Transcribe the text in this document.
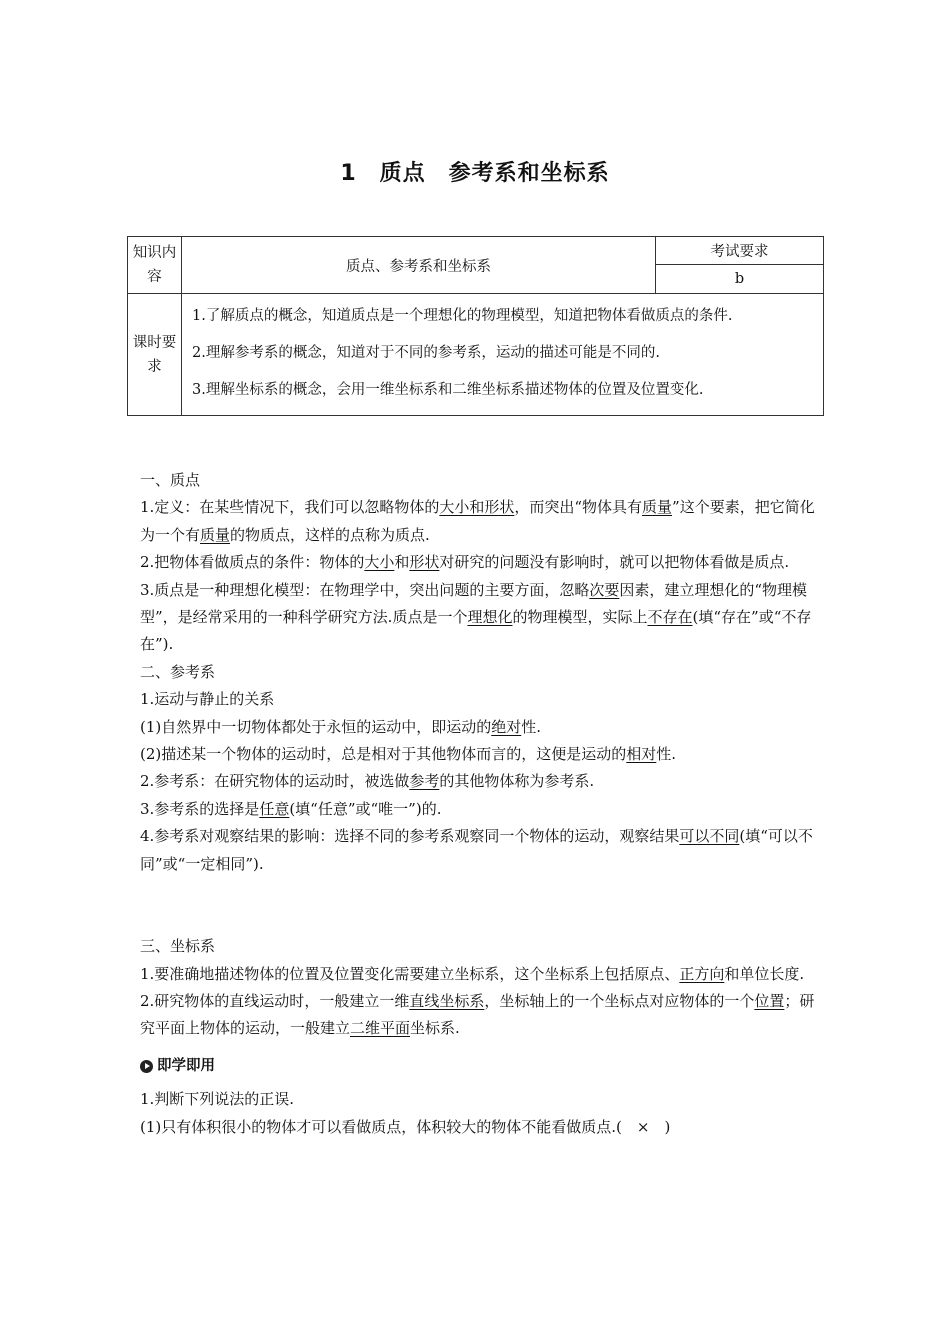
1　质点　参考系和坐标系
知识内容	质点、参考系和坐标系	考试要求
		b
课时要求	1.了解质点的概念，知道质点是一个理想化的物理模型，知道把物体看做质点的条件.
2.理解参考系的概念，知道对于不同的参考系，运动的描述可能是不同的.
3.理解坐标系的概念，会用一维坐标系和二维坐标系描述物体的位置及位置变化.	

一、质点

1.定义：在某些情况下，我们可以忽略物体的大小和形状，而突出“物体具有质量”这个要素，把它简化为一个有质量的物质点，这样的点称为质点.

2.把物体看做质点的条件：物体的大小和形状对研究的问题没有影响时，就可以把物体看做是质点.

3.质点是一种理想化模型：在物理学中，突出问题的主要方面，忽略次要因素，建立理想化的“物理模型”，是经常采用的一种科学研究方法.质点是一个理想化的物理模型，实际上不存在(填“存在”或“不存在”).

二、参考系

1.运动与静止的关系

(1)自然界中一切物体都处于永恒的运动中，即运动的绝对性.

(2)描述某一个物体的运动时，总是相对于其他物体而言的，这便是运动的相对性.

2.参考系：在研究物体的运动时，被选做参考的其他物体称为参考系.

3.参考系的选择是任意(填“任意”或“唯一”)的.

4.参考系对观察结果的影响：选择不同的参考系观察同一个物体的运动，观察结果可以不同(填“可以不同”或“一定相同”).

三、坐标系

1.要准确地描述物体的位置及位置变化需要建立坐标系，这个坐标系上包括原点、正方向和单位长度.

2.研究物体的直线运动时，一般建立一维直线坐标系，坐标轴上的一个坐标点对应物体的一个位置；研究平面上物体的运动，一般建立二维平面坐标系.

即学即用

1.判断下列说法的正误.

(1)只有体积很小的物体才可以看做质点，体积较大的物体不能看做质点.(　×　)
